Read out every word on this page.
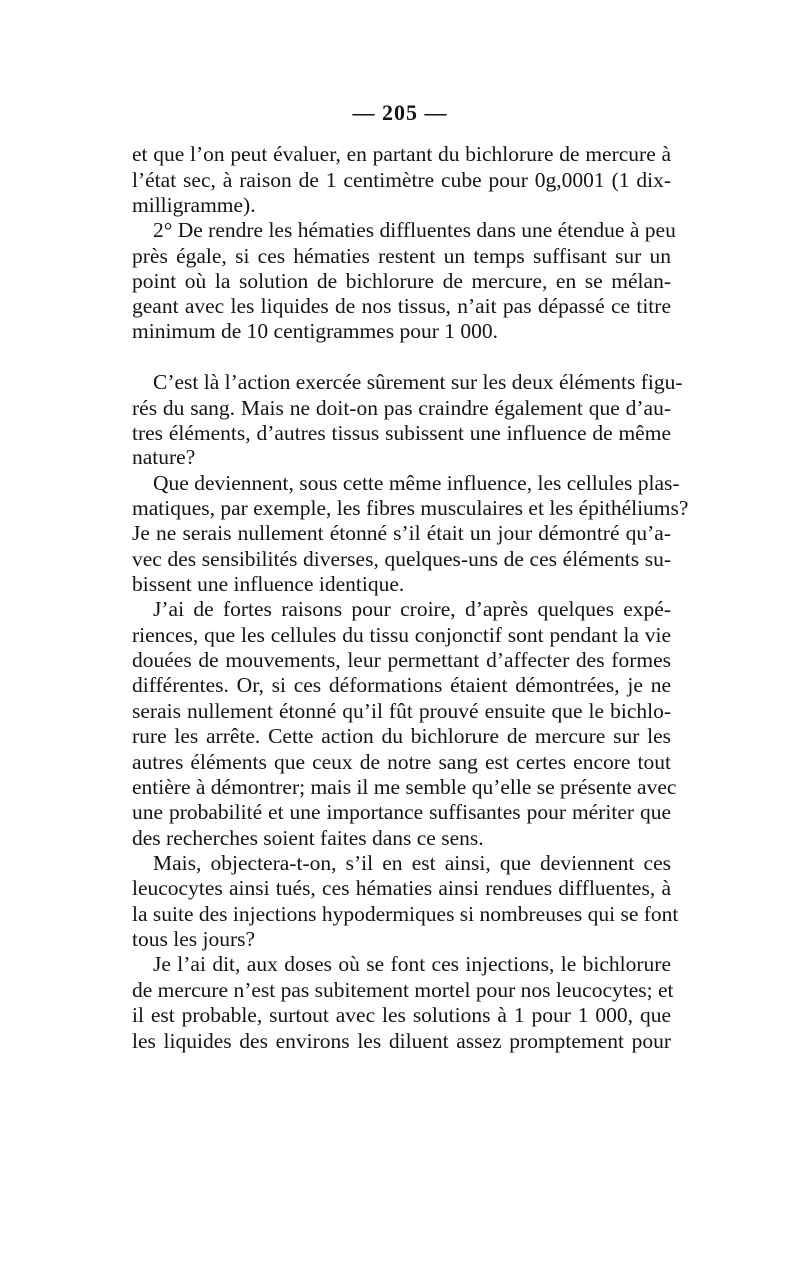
— 205 —
et que l’on peut évaluer, en partant du bichlorure de mercure à
l’état sec, à raison de 1 centimètre cube pour 0g,0001 (1 dix-
milligramme).
2° De rendre les hématies diffluentes dans une étendue à peu
près égale, si ces hématies restent un temps suffisant sur un
point où la solution de bichlorure de mercure, en se mélan-
geant avec les liquides de nos tissus, n’ait pas dépassé ce titre
minimum de 10 centigrammes pour 1 000.
C’est là l’action exercée sûrement sur les deux éléments figu-
rés du sang. Mais ne doit-on pas craindre également que d’au-
tres éléments, d’autres tissus subissent une influence de même
nature?
Que deviennent, sous cette même influence, les cellules plas-
matiques, par exemple, les fibres musculaires et les épithéliums?
Je ne serais nullement étonné s’il était un jour démontré qu’a-
vec des sensibilités diverses, quelques-uns de ces éléments su-
bissent une influence identique.
J’ai de fortes raisons pour croire, d’après quelques expé-
riences, que les cellules du tissu conjonctif sont pendant la vie
douées de mouvements, leur permettant d’affecter des formes
différentes. Or, si ces déformations étaient démontrées, je ne
serais nullement étonné qu’il fût prouvé ensuite que le bichlo-
rure les arrête. Cette action du bichlorure de mercure sur les
autres éléments que ceux de notre sang est certes encore tout
entière à démontrer; mais il me semble qu’elle se présente avec
une probabilité et une importance suffisantes pour mériter que
des recherches soient faites dans ce sens.
Mais, objectera-t-on, s’il en est ainsi, que deviennent ces
leucocytes ainsi tués, ces hématies ainsi rendues diffluentes, à
la suite des injections hypodermiques si nombreuses qui se font
tous les jours?
Je l’ai dit, aux doses où se font ces injections, le bichlorure
de mercure n’est pas subitement mortel pour nos leucocytes; et
il est probable, surtout avec les solutions à 1 pour 1 000, que
les liquides des environs les diluent assez promptement pour
